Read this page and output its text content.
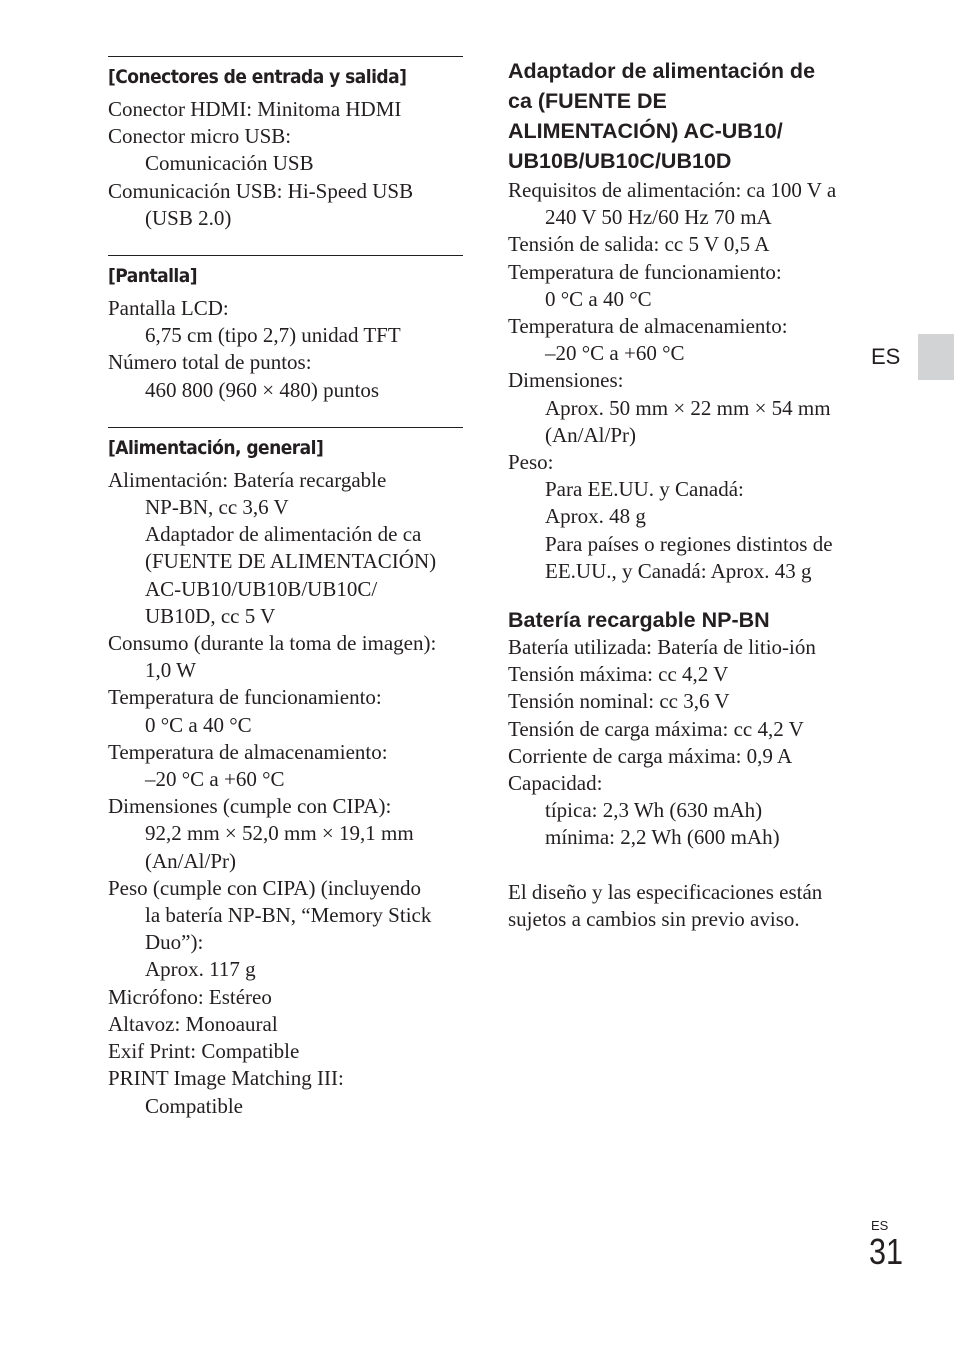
[Conectores de entrada y salida]
Conector HDMI: Minitoma HDMI
Conector micro USB:
Comunicación USB
Comunicación USB: Hi-Speed USB
(USB 2.0)
[Pantalla]
Pantalla LCD:
6,75 cm (tipo 2,7) unidad TFT
Número total de puntos:
460 800 (960 × 480) puntos
[Alimentación, general]
Alimentación: Batería recargable
NP-BN, cc 3,6 V
Adaptador de alimentación de ca
(FUENTE DE ALIMENTACIÓN)
AC-UB10/UB10B/UB10C/
UB10D, cc 5 V
Consumo (durante la toma de imagen):
1,0 W
Temperatura de funcionamiento:
0 °C a 40 °C
Temperatura de almacenamiento:
–20 °C a +60 °C
Dimensiones (cumple con CIPA):
92,2 mm × 52,0 mm × 19,1 mm
(An/Al/Pr)
Peso (cumple con CIPA) (incluyendo
la batería NP-BN, “Memory Stick
Duo”):
Aprox. 117 g
Micrófono: Estéreo
Altavoz: Monoaural
Exif Print: Compatible
PRINT Image Matching III:
Compatible
Adaptador de alimentación de
ca (FUENTE DE
ALIMENTACIÓN) AC-UB10/
UB10B/UB10C/UB10D
Requisitos de alimentación: ca 100 V a
240 V 50 Hz/60 Hz 70 mA
Tensión de salida: cc 5 V 0,5 A
Temperatura de funcionamiento:
0 °C a 40 °C
Temperatura de almacenamiento:
–20 °C a +60 °C
Dimensiones:
Aprox. 50 mm × 22 mm × 54 mm
(An/Al/Pr)
Peso:
Para EE.UU. y Canadá:
Aprox. 48 g
Para países o regiones distintos de
EE.UU., y Canadá: Aprox. 43 g
Batería recargable NP-BN
Batería utilizada: Batería de litio-ión
Tensión máxima: cc 4,2 V
Tensión nominal: cc 3,6 V
Tensión de carga máxima: cc 4,2 V
Corriente de carga máxima: 0,9 A
Capacidad:
típica: 2,3 Wh (630 mAh)
mínima: 2,2 Wh (600 mAh)
El diseño y las especificaciones están
sujetos a cambios sin previo aviso.
ES
ES
31
